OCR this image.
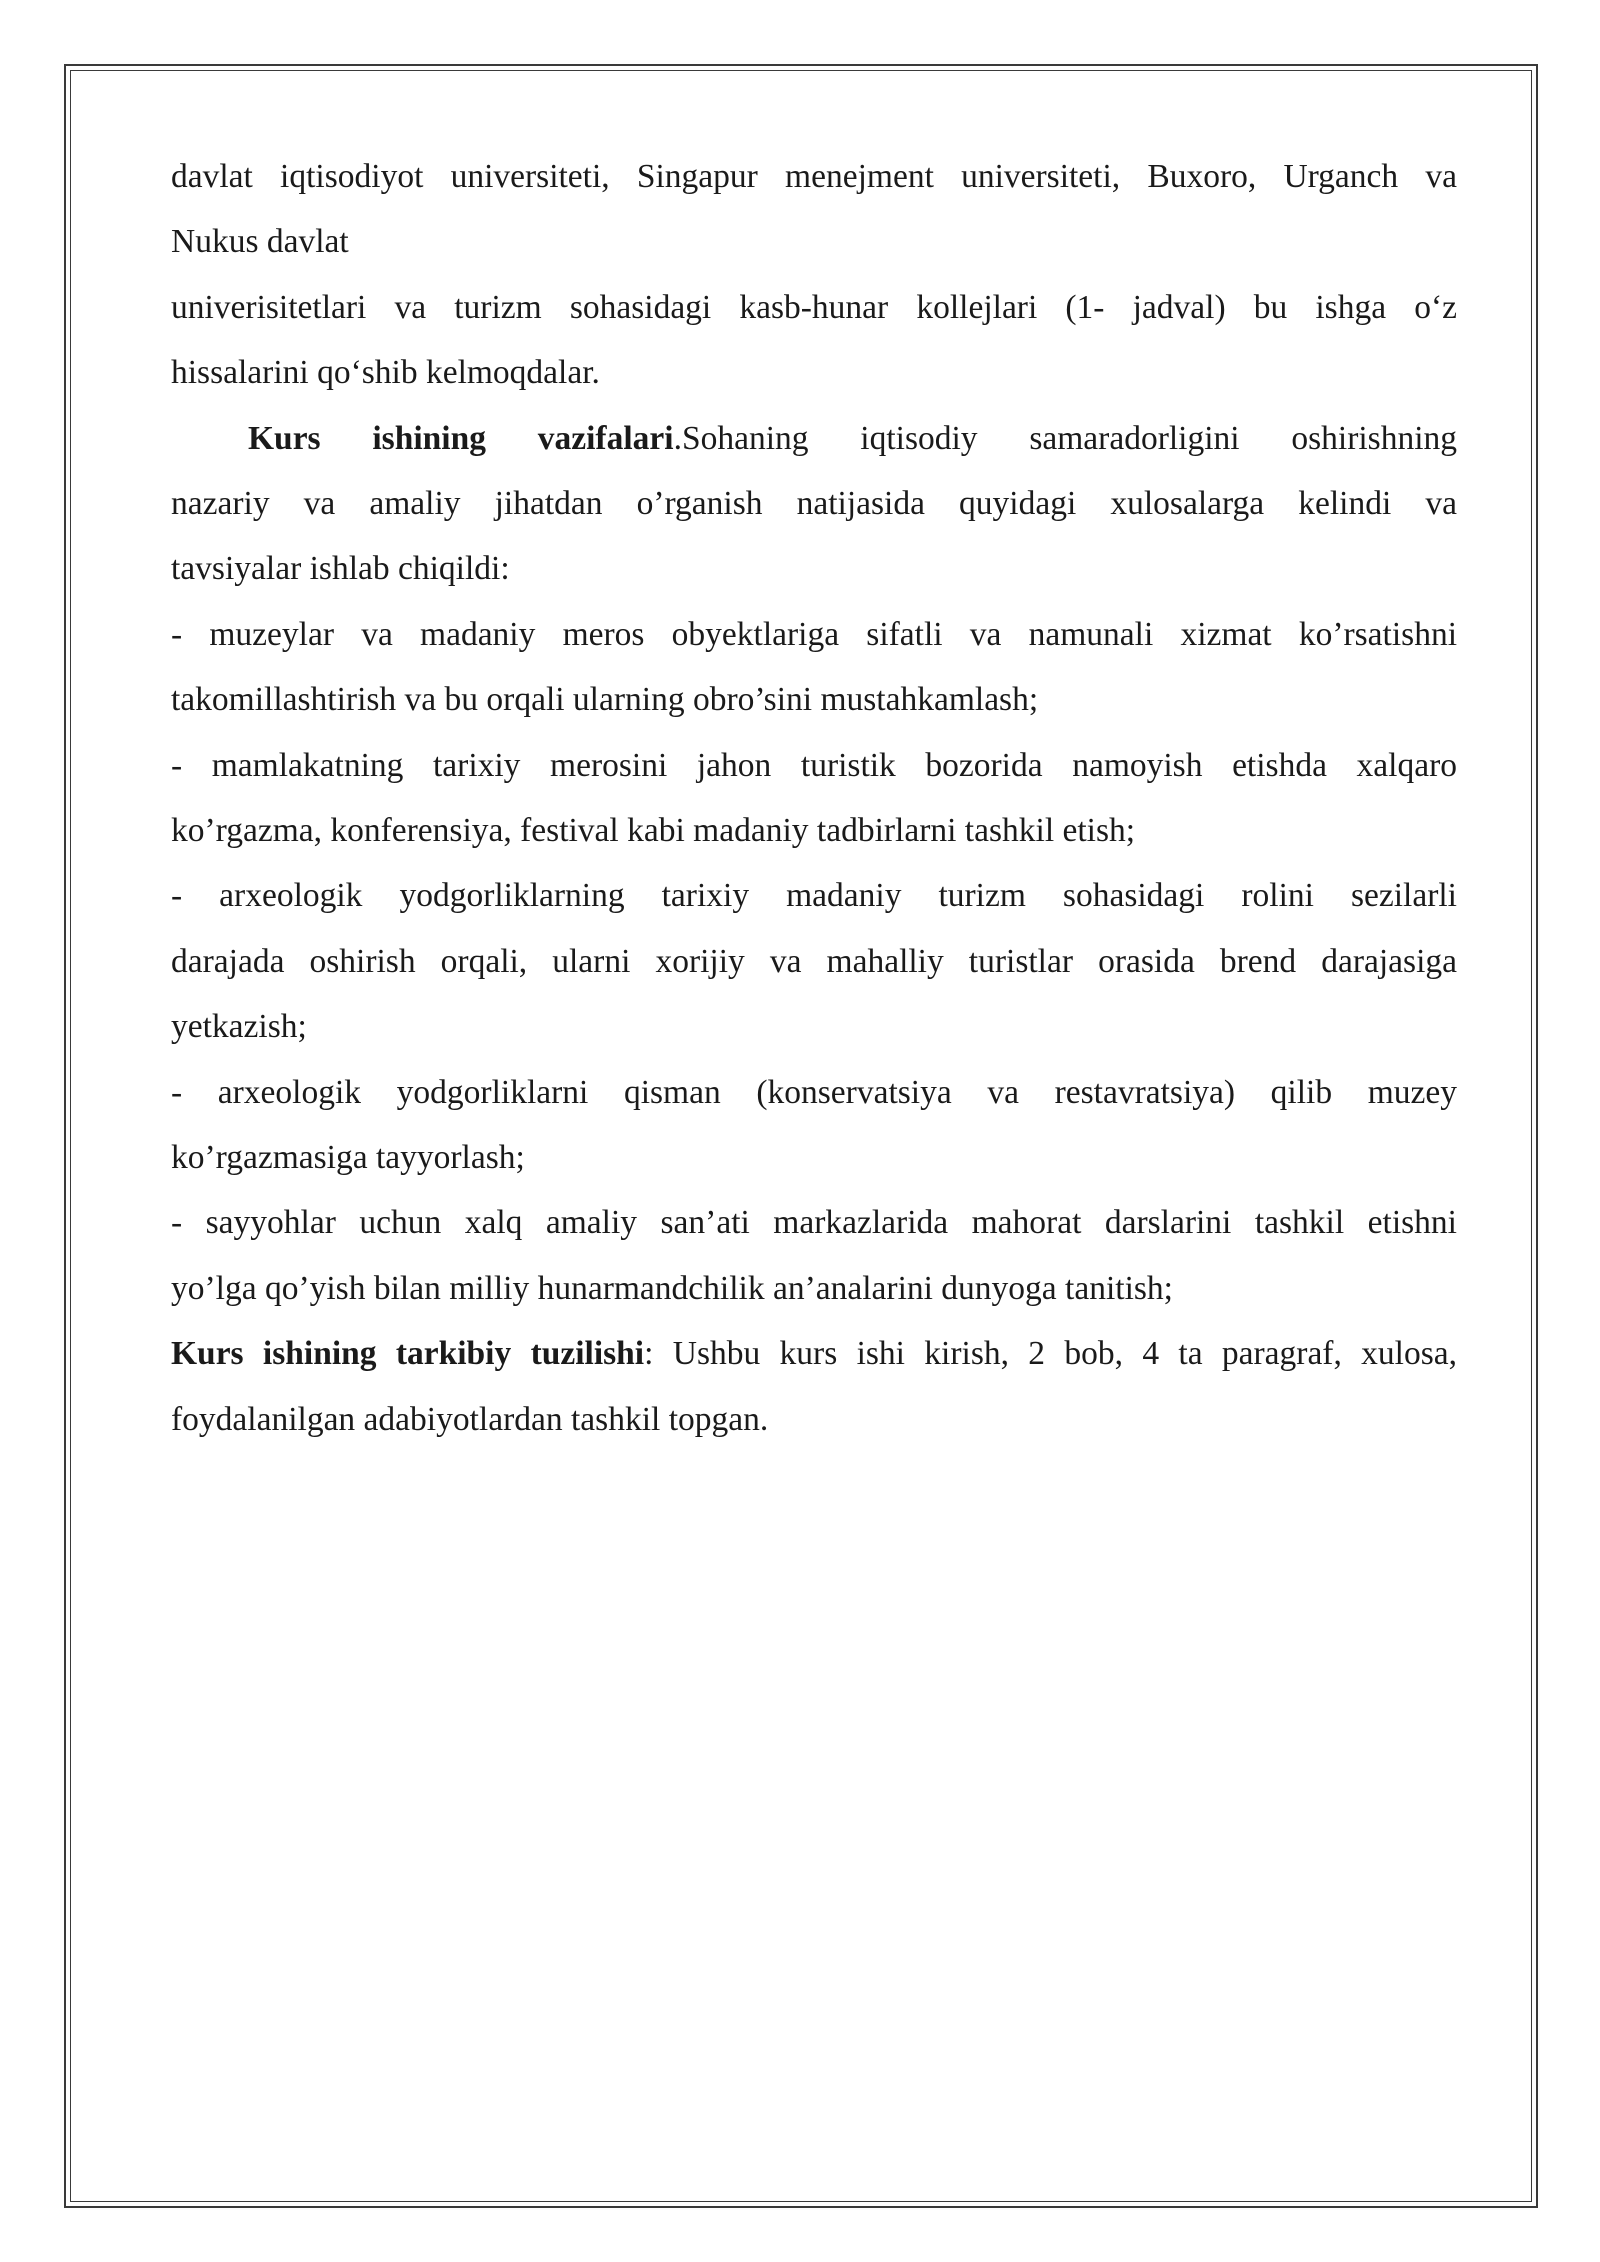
davlat iqtisodiyot universiteti, Singapur menejment universiteti, Buxoro, Urganch va
Nukus davlat
univerisitetlari va turizm sohasidagi kasb-hunar kollejlari (1- jadval) bu ishga o‘z
hissalarini qo‘shib kelmoqdalar.
Kurs ishining vazifalari.Sohaning iqtisodiy samaradorligini oshirishning
nazariy va amaliy jihatdan o’rganish natijasida quyidagi xulosalarga kelindi va
tavsiyalar ishlab chiqildi:
- muzeylar va madaniy meros obyektlariga sifatli va namunali xizmat ko’rsatishni
takomillashtirish va bu orqali ularning obro’sini mustahkamlash;
- mamlakatning tarixiy merosini jahon turistik bozorida namoyish etishda xalqaro
ko’rgazma, konferensiya, festival kabi madaniy tadbirlarni tashkil etish;
- arxeologik yodgorliklarning tarixiy madaniy turizm sohasidagi rolini sezilarli
darajada oshirish orqali, ularni xorijiy va mahalliy turistlar orasida brend darajasiga
yetkazish;
- arxeologik yodgorliklarni qisman (konservatsiya va restavratsiya) qilib muzey
ko’rgazmasiga tayyorlash;
- sayyohlar uchun xalq amaliy san’ati markazlarida mahorat darslarini tashkil etishni
yo’lga qo’yish bilan milliy hunarmandchilik an’analarini dunyoga tanitish;
Kurs ishining tarkibiy tuzilishi: Ushbu kurs ishi kirish, 2 bob, 4 ta paragraf, xulosa,
foydalanilgan adabiyotlardan tashkil topgan.
